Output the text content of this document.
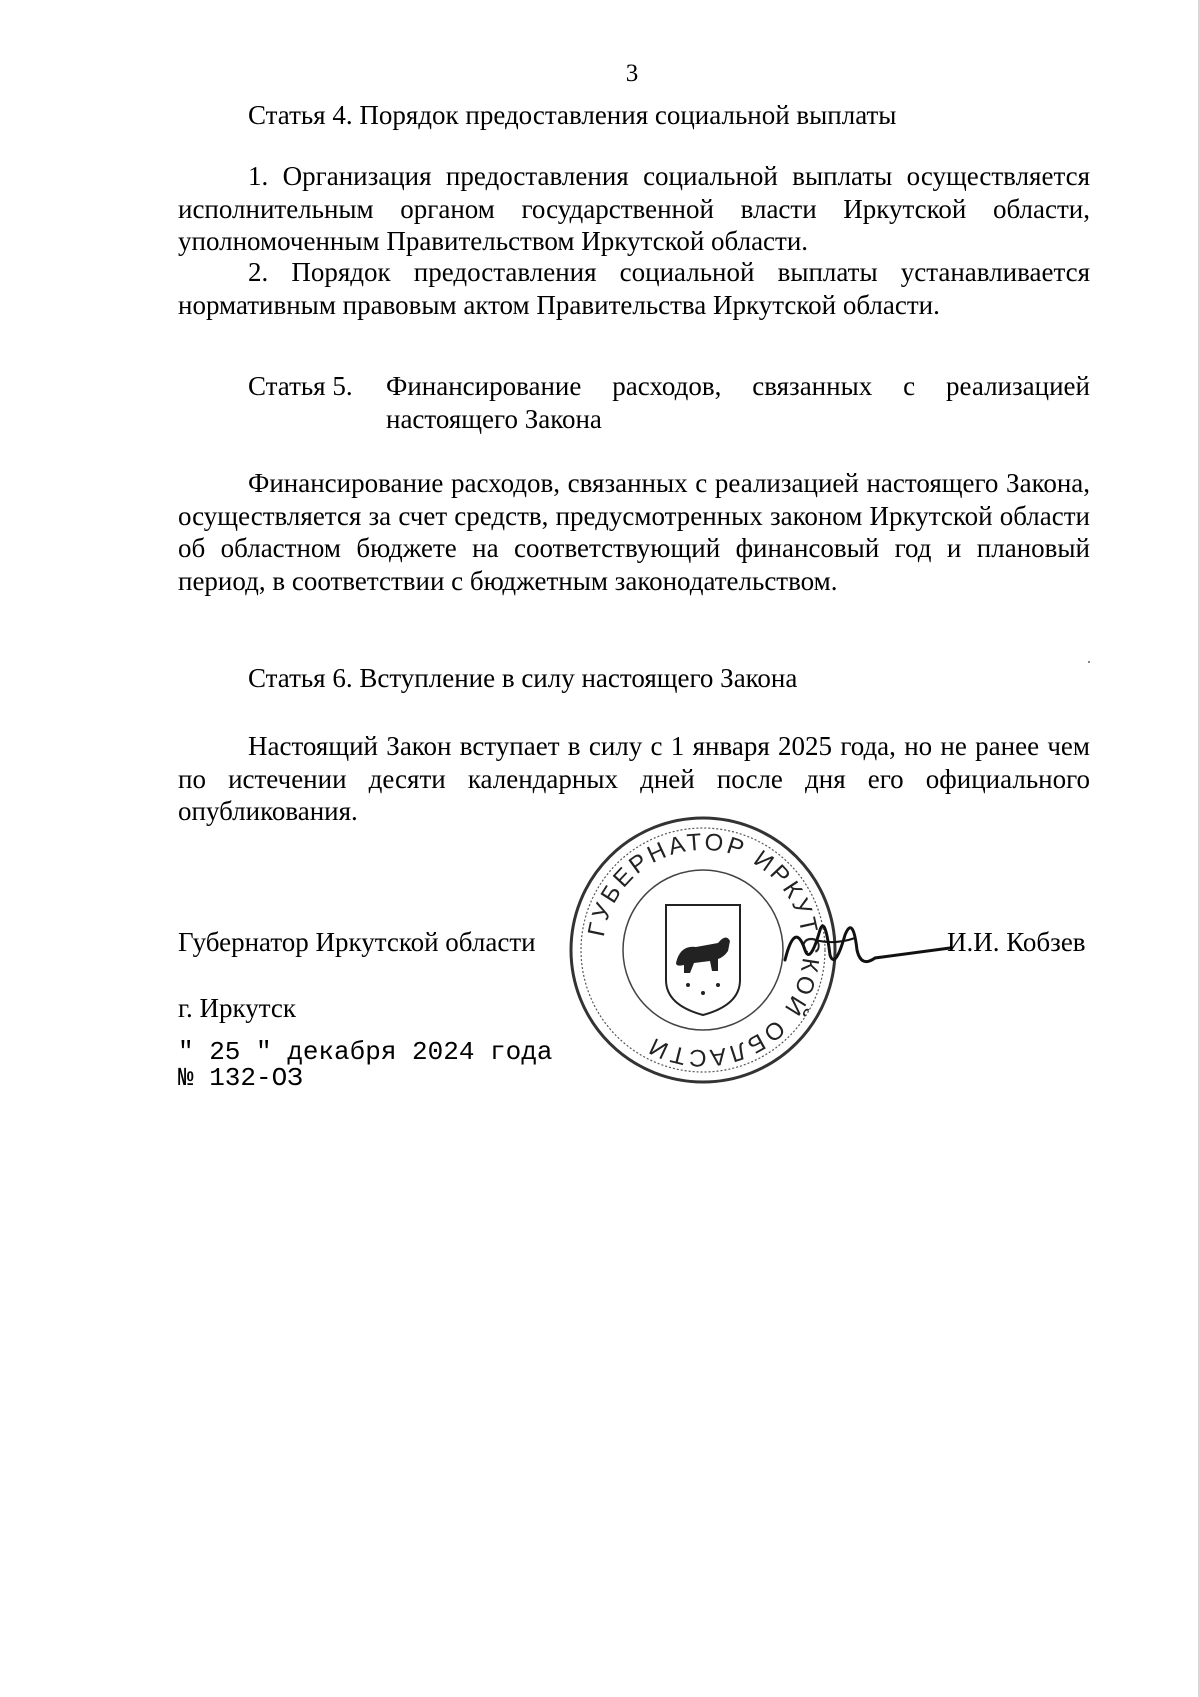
3
Статья 4. Порядок предоставления социальной выплаты
1. Организация предоставления социальной выплаты осуществляется исполнительным органом государственной власти Иркутской области, уполномоченным Правительством Иркутской области.
2. Порядок предоставления социальной выплаты устанавливается нормативным правовым актом Правительства Иркутской области.
Статья 5. Финансирование расходов, связанных с реализацией настоящего Закона
Финансирование расходов, связанных с реализацией настоящего Закона, осуществляется за счет средств, предусмотренных законом Иркутской области об областном бюджете на соответствующий финансовый год и плановый период, в соответствии с бюджетным законодательством.
Статья 6. Вступление в силу настоящего Закона
Настоящий Закон вступает в силу с 1 января 2025 года, но не ранее чем по истечении десяти календарных дней после дня его официального опубликования.
ГУБЕРНАТОР ИРКУТСКОЙ ОБЛАСТИ
Губернатор Иркутской области	И.И. Кобзев
г. Иркутск
" 25 " декабря 2024 года
№ 132-ОЗ
